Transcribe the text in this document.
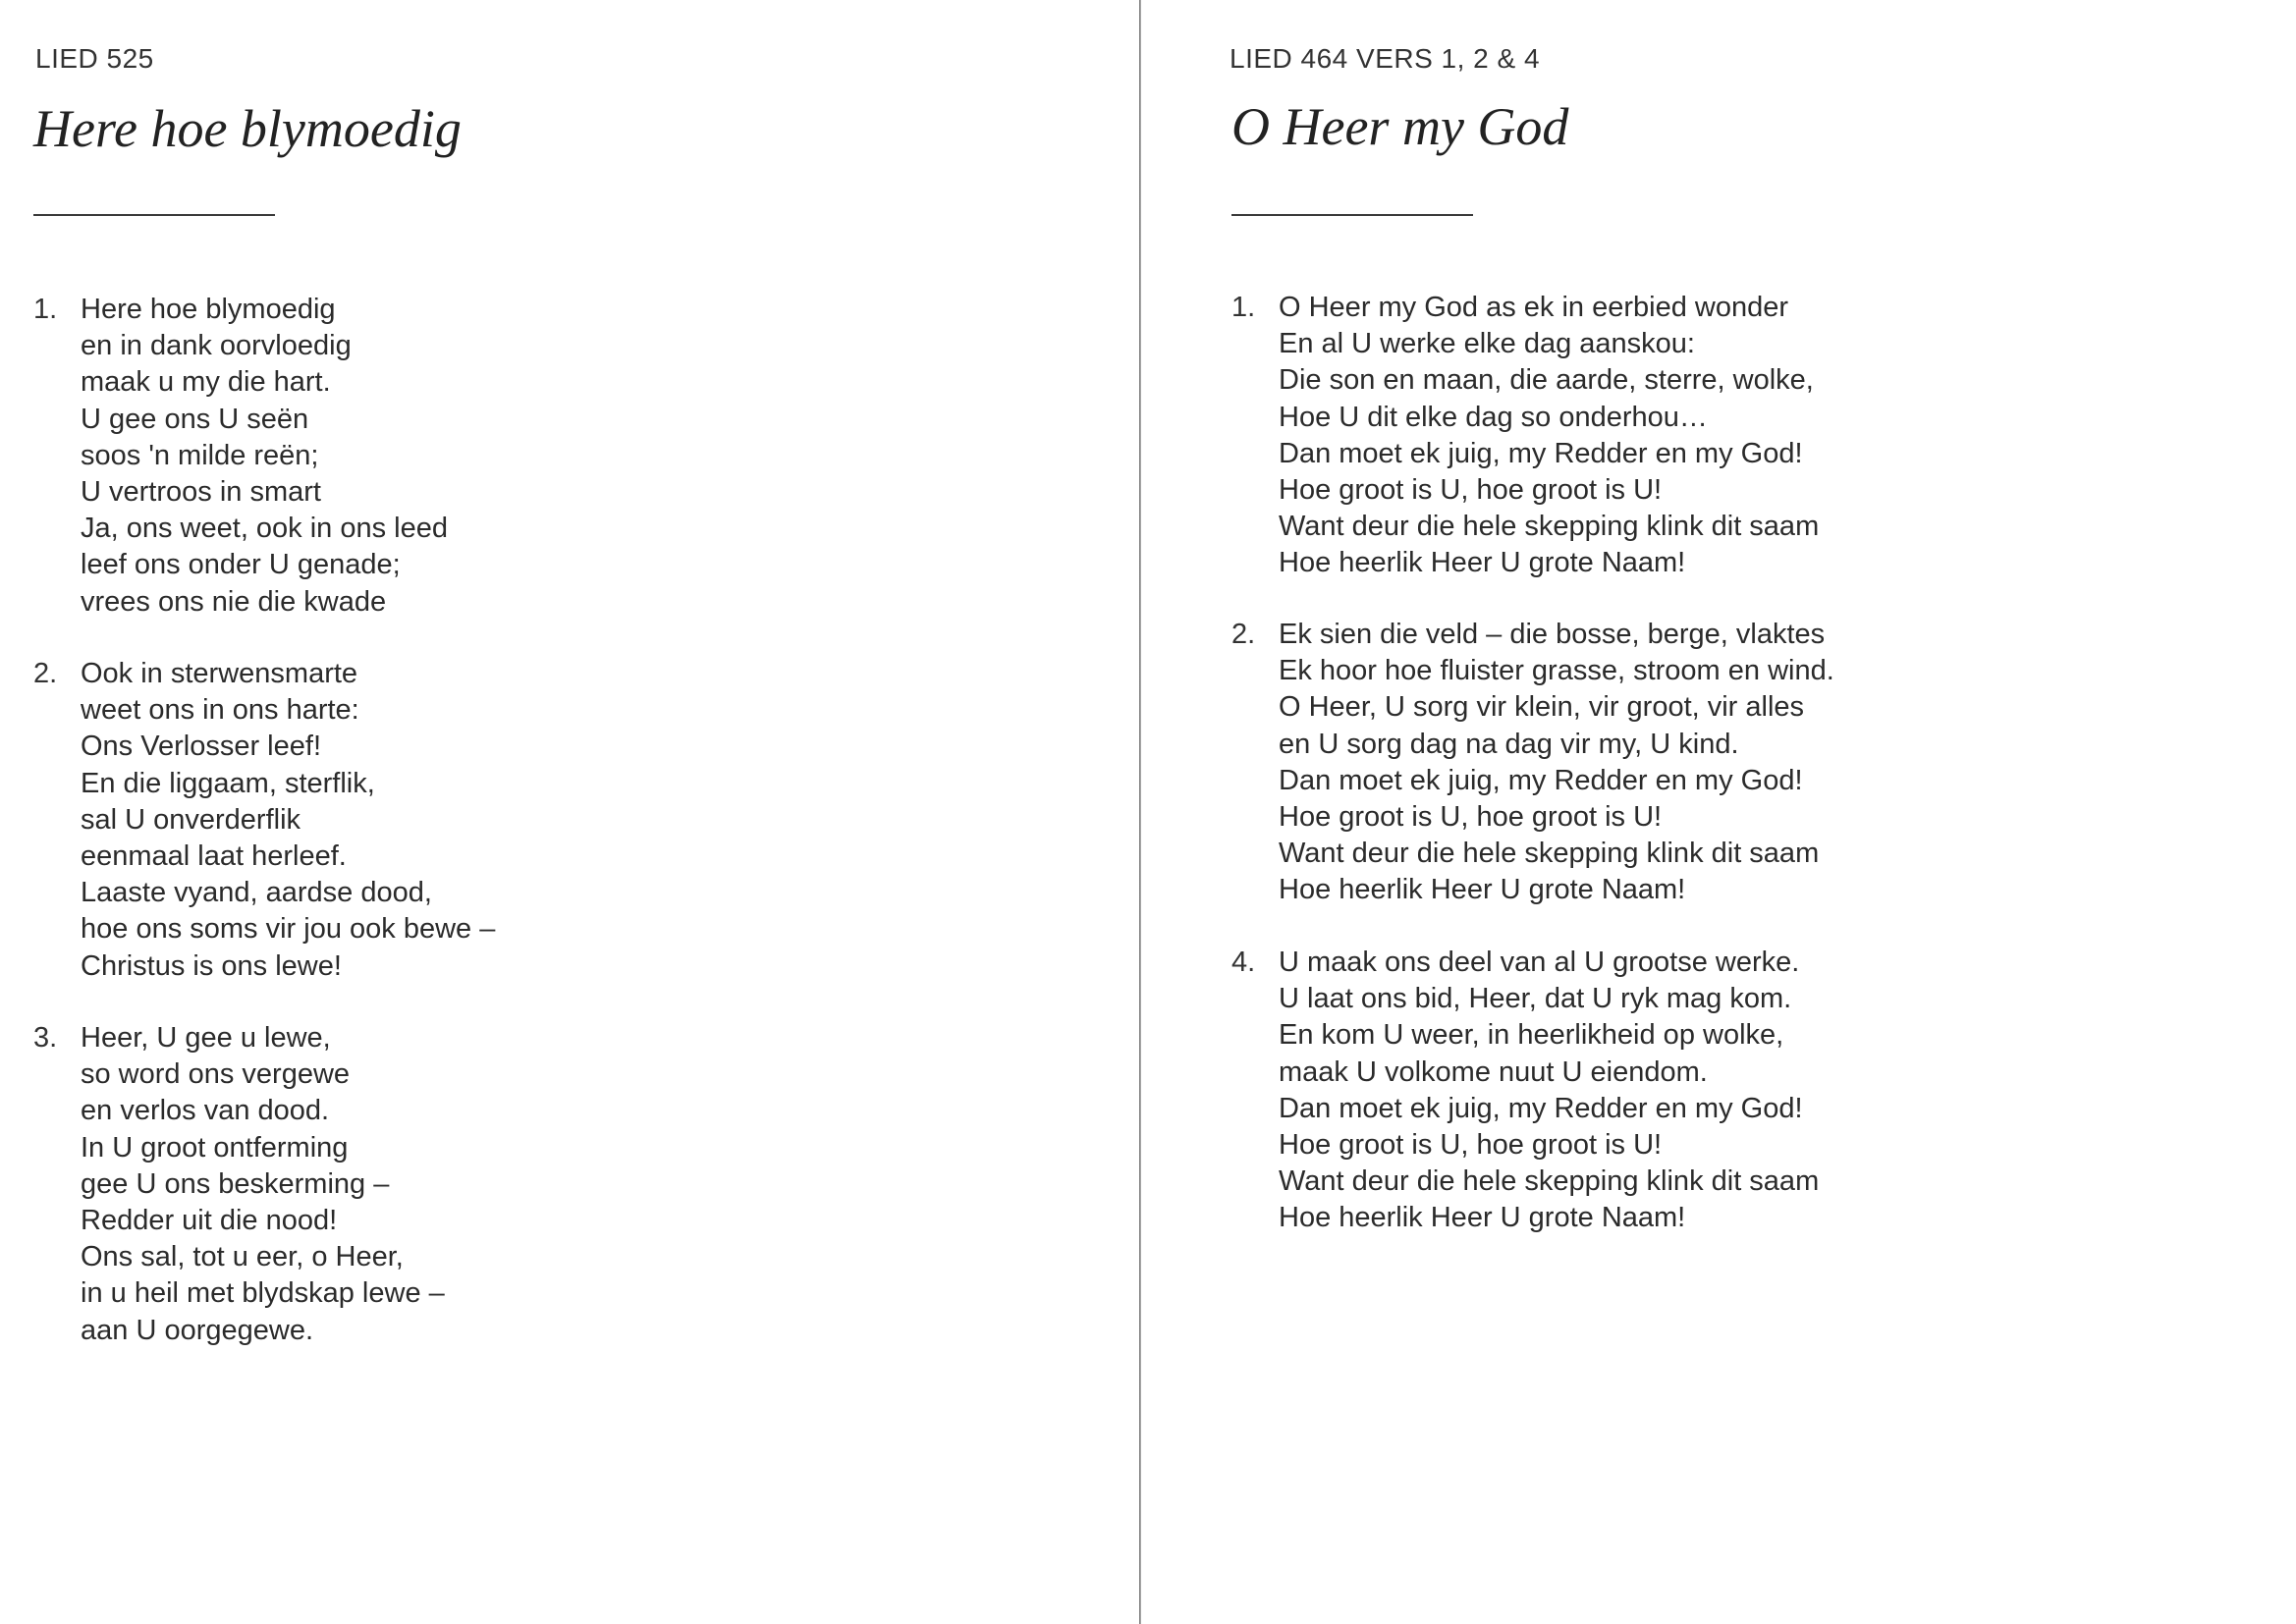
LIED 525
Here hoe blymoedig
1. Here hoe blymoedig
en in dank oorvloedig
maak u my die hart.
U gee ons U seën
soos 'n milde reën;
U vertroos in smart
Ja, ons weet, ook in ons leed
leef ons onder U genade;
vrees ons nie die kwade
2. Ook in sterwensmarte
weet ons in ons harte:
Ons Verlosser leef!
En die liggaam, sterflik,
sal U onverderflik
eenmaal laat herleef.
Laaste vyand, aardse dood,
hoe ons soms vir jou ook bewe –
Christus is ons lewe!
3. Heer, U gee u lewe,
so word ons vergewe
en verlos van dood.
In U groot ontferming
gee U ons beskerming –
Redder uit die nood!
Ons sal, tot u eer, o Heer,
in u heil met blydskap lewe –
aan U oorgegewe.
LIED 464 VERS 1, 2 & 4
O Heer my God
1. O Heer my God as ek in eerbied wonder
En al U werke elke dag aanskou:
Die son en maan, die aarde, sterre, wolke,
Hoe U dit elke dag so onderhou…
Dan moet ek juig, my Redder en my God!
Hoe groot is U, hoe groot is U!
Want deur die hele skepping klink dit saam
Hoe heerlik Heer U grote Naam!
2. Ek sien die veld – die bosse, berge, vlaktes
Ek hoor hoe fluister grasse, stroom en wind.
O Heer, U sorg vir klein, vir groot, vir alles
en U sorg dag na dag vir my, U kind.
Dan moet ek juig, my Redder en my God!
Hoe groot is U, hoe groot is U!
Want deur die hele skepping klink dit saam
Hoe heerlik Heer U grote Naam!
4. U maak ons deel van al U grootse werke.
U laat ons bid, Heer, dat U ryk mag kom.
En kom U weer, in heerlikheid op wolke,
maak U volkome nuut U eiendom.
Dan moet ek juig, my Redder en my God!
Hoe groot is U, hoe groot is U!
Want deur die hele skepping klink dit saam
Hoe heerlik Heer U grote Naam!
